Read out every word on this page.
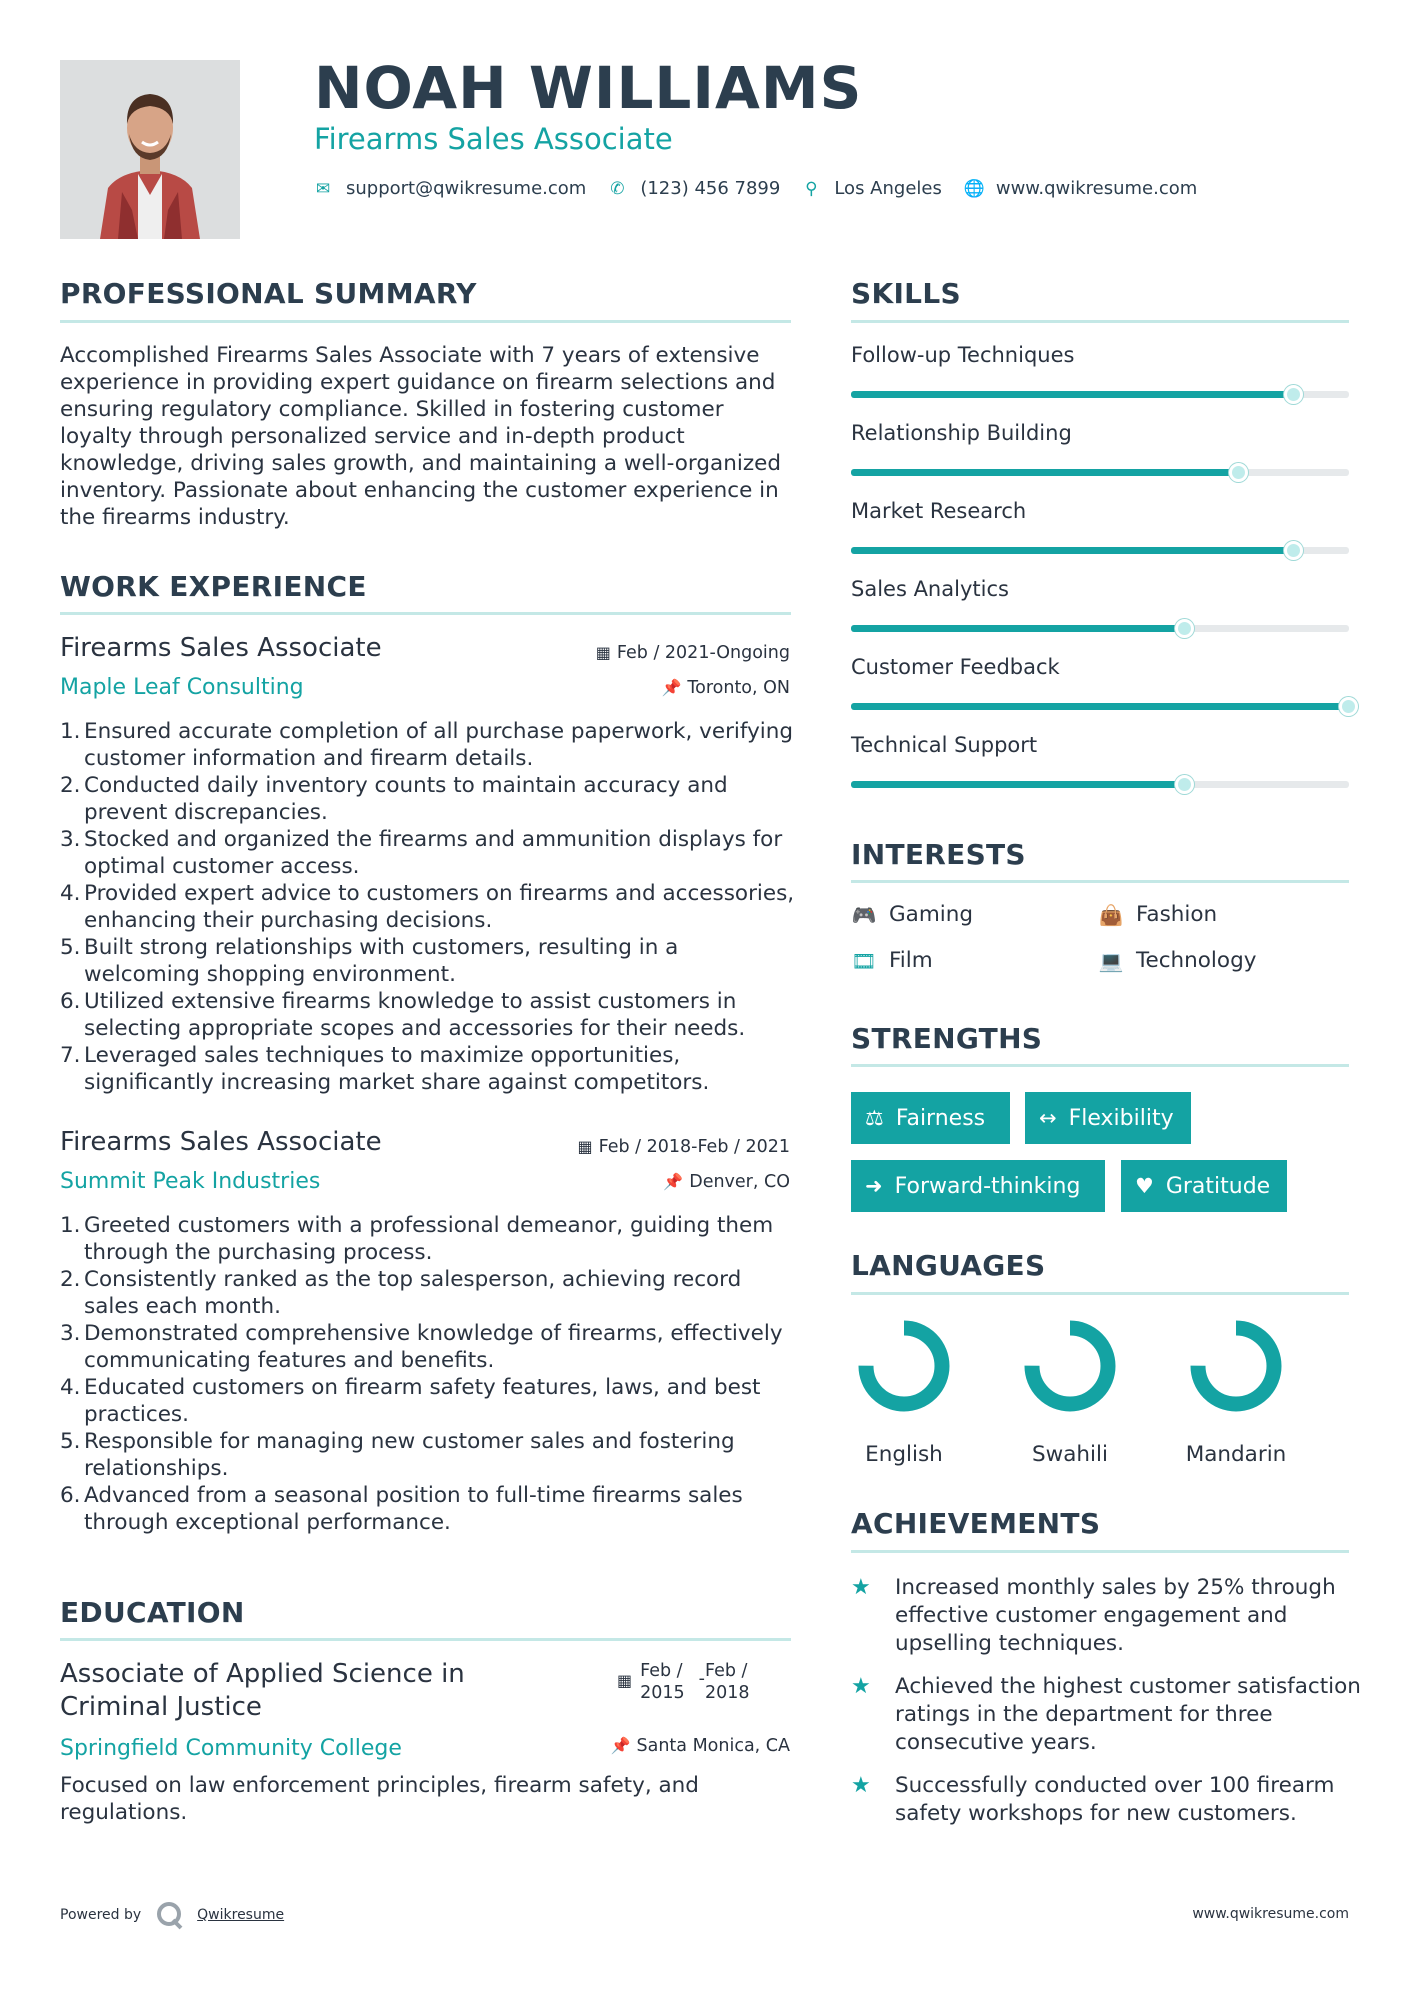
NOAH WILLIAMS
Firearms Sales Associate
✉ support@qwikresume.com ✆ (123) 456 7899 ⚲ Los Angeles 🌐 www.qwikresume.com
PROFESSIONAL SUMMARY
Accomplished Firearms Sales Associate with 7 years of extensive experience in providing expert guidance on firearm selections and ensuring regulatory compliance. Skilled in fostering customer loyalty through personalized service and in-depth product knowledge, driving sales growth, and maintaining a well-organized inventory. Passionate about enhancing the customer experience in the firearms industry.
WORK EXPERIENCE
Firearms Sales Associate	▦ Feb / 2021-Ongoing
Maple Leaf Consulting	📌 Toronto, ON
1. Ensured accurate completion of all purchase paperwork, verifying customer information and firearm details.
2. Conducted daily inventory counts to maintain accuracy and prevent discrepancies.
3. Stocked and organized the firearms and ammunition displays for optimal customer access.
4. Provided expert advice to customers on firearms and accessories, enhancing their purchasing decisions.
5. Built strong relationships with customers, resulting in a welcoming shopping environment.
6. Utilized extensive firearms knowledge to assist customers in selecting appropriate scopes and accessories for their needs.
7. Leveraged sales techniques to maximize opportunities, significantly increasing market share against competitors.
Firearms Sales Associate	▦ Feb / 2018-Feb / 2021
Summit Peak Industries	📌 Denver, CO
1. Greeted customers with a professional demeanor, guiding them through the purchasing process.
2. Consistently ranked as the top salesperson, achieving record sales each month.
3. Demonstrated comprehensive knowledge of firearms, effectively communicating features and benefits.
4. Educated customers on firearm safety features, laws, and best practices.
5. Responsible for managing new customer sales and fostering relationships.
6. Advanced from a seasonal position to full-time firearms sales through exceptional performance.
EDUCATION
Associate of Applied Science in Criminal Justice
▦ Feb /
2015
- Feb /
2018
Springfield Community College	📌 Santa Monica, CA
Focused on law enforcement principles, firearm safety, and regulations.
SKILLS
Follow-up Techniques
Relationship Building
Market Research
Sales Analytics
Customer Feedback
Technical Support
INTERESTS
🎮 Gaming	👜 Fashion
🎞 Film	💻 Technology
STRENGTHS
⚖ Fairness	↔ Flexibility
➜ Forward-thinking	♥ Gratitude
LANGUAGES
English	Swahili	Mandarin
ACHIEVEMENTS
★	Increased monthly sales by 25% through effective customer engagement and upselling techniques.
★	Achieved the highest customer satisfaction ratings in the department for three consecutive years.
★	Successfully conducted over 100 firearm safety workshops for new customers.
Powered by	Qwikresume	www.qwikresume.com
